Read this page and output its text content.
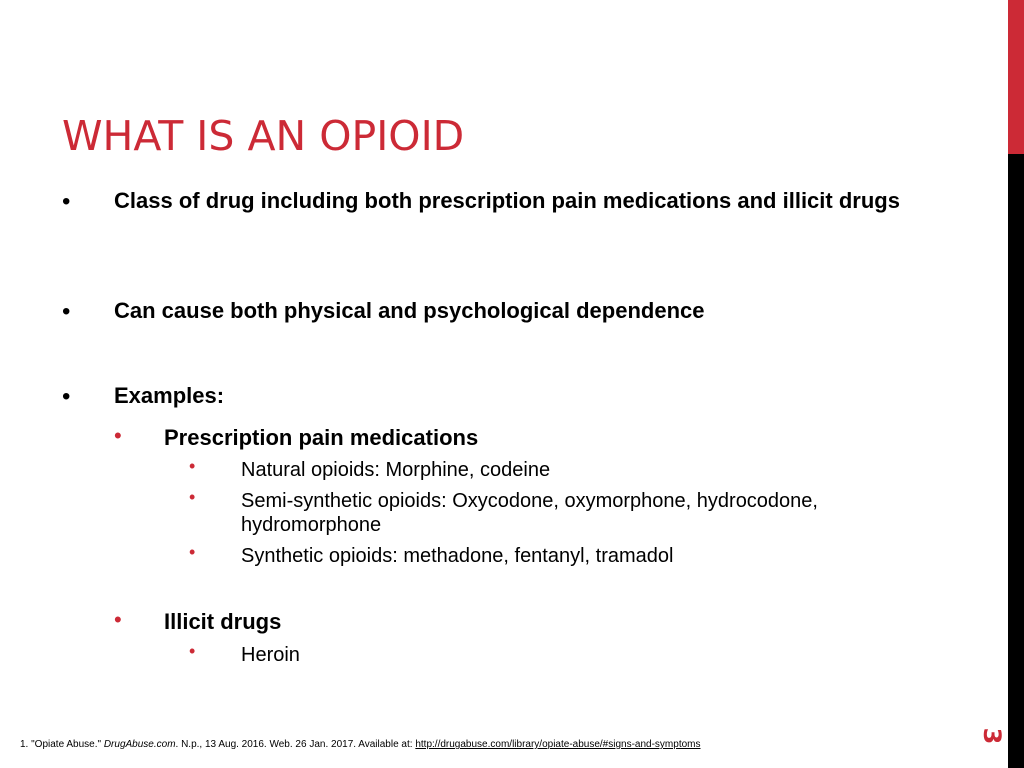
WHAT IS AN OPIOID
• Class of drug including both prescription pain medications and illicit drugs
• Can cause both physical and psychological dependence
• Examples:
• Prescription pain medications
• Natural opioids: Morphine, codeine
• Semi-synthetic opioids: Oxycodone, oxymorphone, hydrocodone, hydromorphone
• Synthetic opioids: methadone, fentanyl, tramadol
• Illicit drugs
• Heroin
1. "Opiate Abuse." DrugAbuse.com. N.p., 13 Aug. 2016. Web. 26 Jan. 2017. Available at: http://drugabuse.com/library/opiate-abuse/#signs-and-symptoms
3
